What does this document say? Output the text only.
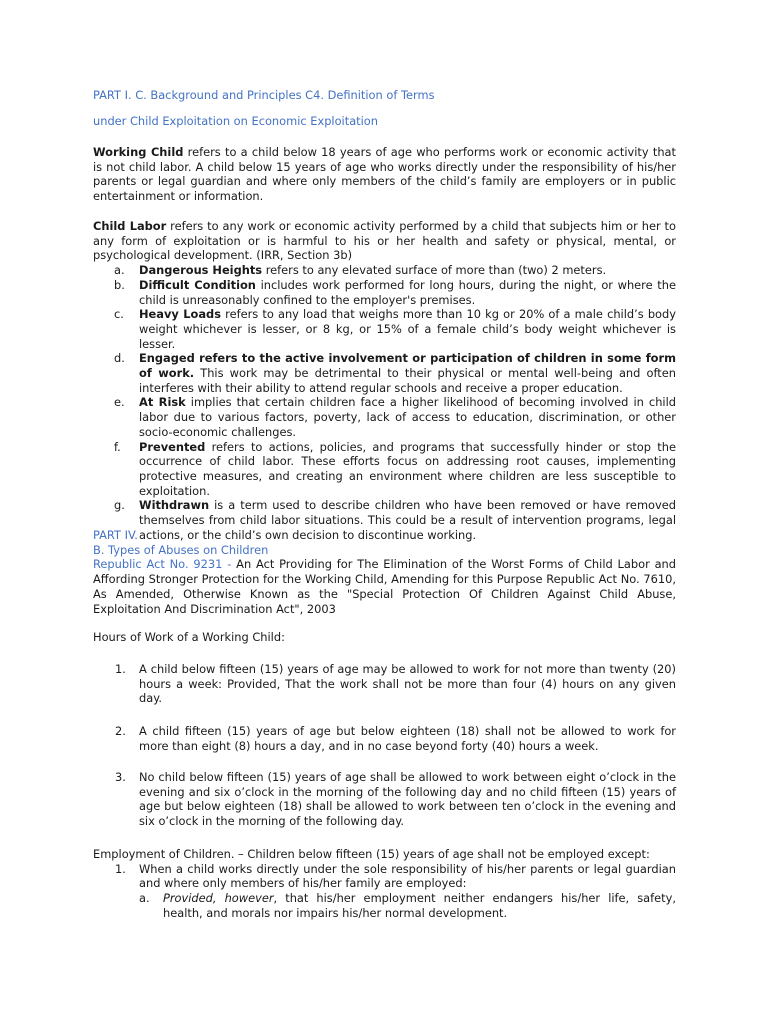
PART I. C. Background and Principles C4. Definition of Terms

under Child Exploitation on Economic Exploitation

Working Child refers to a child below 18 years of age who performs work or economic activity that is not child labor. A child below 15 years of age who works directly under the responsibility of his/her parents or legal guardian and where only members of the child’s family are employers or in public entertainment or information.

Child Labor refers to any work or economic activity performed by a child that subjects him or her to any form of exploitation or is harmful to his or her health and safety or physical, mental, or psychological development. (IRR, Section 3b)

a. Dangerous Heights refers to any elevated surface of more than (two) 2 meters.
b. Difficult Condition includes work performed for long hours, during the night, or where the child is unreasonably confined to the employer's premises.
c. Heavy Loads refers to any load that weighs more than 10 kg or 20% of a male child’s body weight whichever is lesser, or 8 kg, or 15% of a female child’s body weight whichever is lesser.
d. Engaged refers to the active involvement or participation of children in some form of work. This work may be detrimental to their physical or mental well-being and often interferes with their ability to attend regular schools and receive a proper education.
e. At Risk implies that certain children face a higher likelihood of becoming involved in child labor due to various factors, poverty, lack of access to education, discrimination, or other socio-economic challenges.
f. Prevented refers to actions, policies, and programs that successfully hinder or stop the occurrence of child labor. These efforts focus on addressing root causes, implementing protective measures, and creating an environment where children are less susceptible to exploitation.
g. Withdrawn is a term used to describe children who have been removed or have removed themselves from child labor situations. This could be a result of intervention programs, legal actions, or the child’s own decision to discontinue working.

PART IV.

B. Types of Abuses on Children

Republic Act No. 9231 - An Act Providing for The Elimination of the Worst Forms of Child Labor and Affording Stronger Protection for the Working Child, Amending for this Purpose Republic Act No. 7610, As Amended, Otherwise Known as the "Special Protection Of Children Against Child Abuse, Exploitation And Discrimination Act", 2003

Hours of Work of a Working Child:

1. A child below fifteen (15) years of age may be allowed to work for not more than twenty (20) hours a week: Provided, That the work shall not be more than four (4) hours on any given day.
2. A child fifteen (15) years of age but below eighteen (18) shall not be allowed to work for more than eight (8) hours a day, and in no case beyond forty (40) hours a week.
3. No child below fifteen (15) years of age shall be allowed to work between eight o’clock in the evening and six o’clock in the morning of the following day and no child fifteen (15) years of age but below eighteen (18) shall be allowed to work between ten o’clock in the evening and six o’clock in the morning of the following day.

Employment of Children. – Children below fifteen (15) years of age shall not be employed except:

1. When a child works directly under the sole responsibility of his/her parents or legal guardian and where only members of his/her family are employed:
a. Provided, however, that his/her employment neither endangers his/her life, safety, health, and morals nor impairs his/her normal development.
